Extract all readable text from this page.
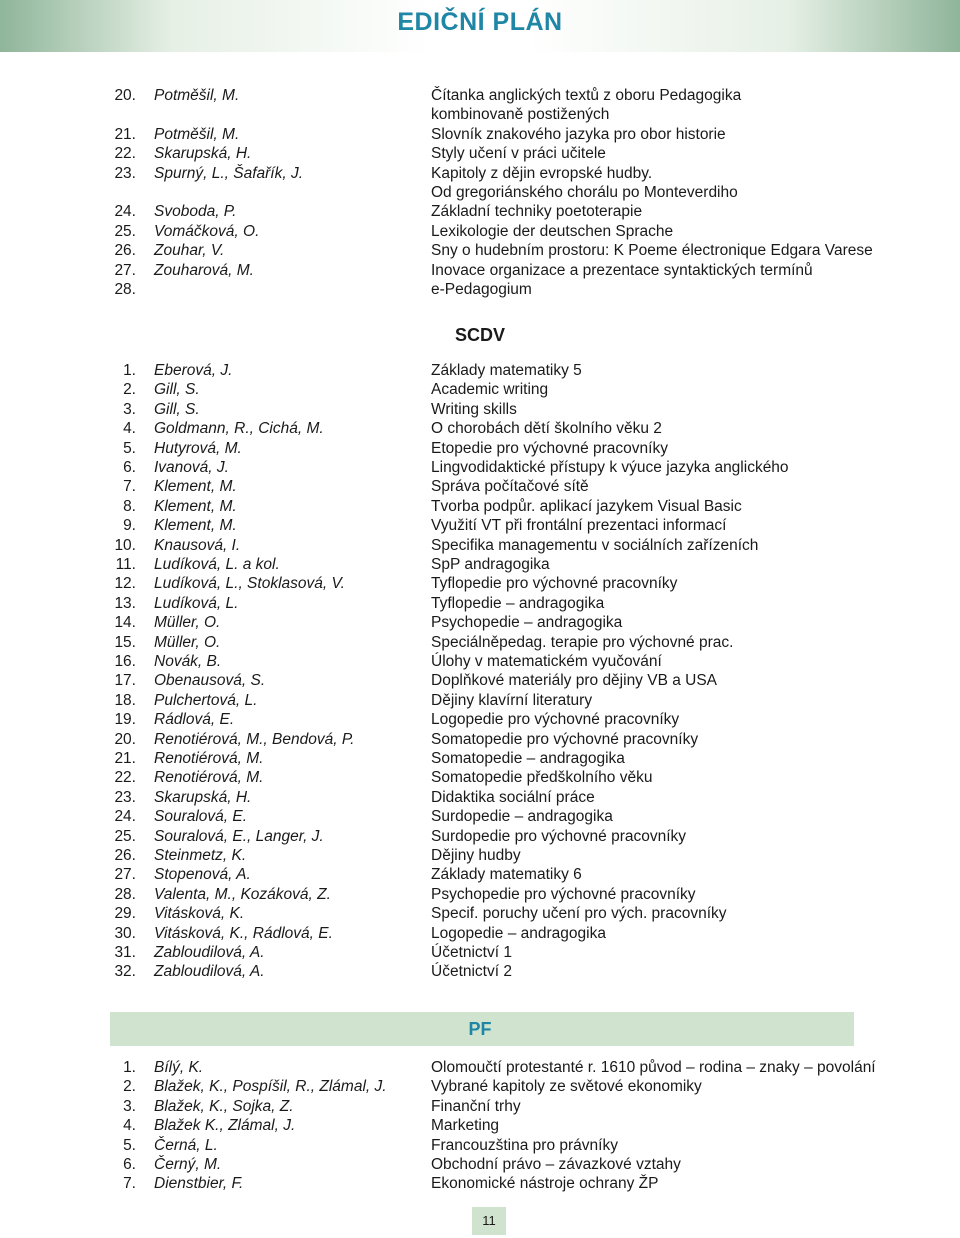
EDIČNÍ PLÁN
20. Potměšil, M.	Čítanka anglických textů z oboru Pedagogika
kombinovaně postižených
21. Potměšil, M.	Slovník znakového jazyka pro obor historie
22. Skarupská, H.	Styly učení v práci učitele
23. Spurný, L., Šafařík, J.	Kapitoly z dějin evropské hudby.
Od gregoriánského chorálu po Monteverdiho
24. Svoboda, P.	Základní techniky poetoterapie
25. Vomáčková, O.	Lexikologie der deutschen Sprache
26. Zouhar, V.	Sny o hudebním prostoru: K Poeme électronique Edgara Varese
27. Zouharová, M.	Inovace organizace a prezentace syntaktických termínů
28.	e-Pedagogium
SCDV
1. Eberová, J.	Základy matematiky 5
2. Gill, S.	Academic writing
3. Gill, S.	Writing skills
4. Goldmann, R., Cichá, M.	O chorobách dětí školního věku 2
5. Hutyrová, M.	Etopedie pro výchovné pracovníky
6. Ivanová, J.	Lingvodidaktické přístupy k výuce jazyka anglického
7. Klement, M.	Správa počítačové sítě
8. Klement, M.	Tvorba podpůr. aplikací jazykem Visual Basic
9. Klement, M.	Využití VT při frontální prezentaci informací
10. Knausová, I.	Specifika managementu v sociálních zařízeních
11. Ludíková, L. a kol.	SpP andragogika
12. Ludíková, L., Stoklasová, V.	Tyflopedie pro výchovné pracovníky
13. Ludíková, L.	Tyflopedie – andragogika
14. Müller, O.	Psychopedie – andragogika
15. Müller, O.	Speciálněpedag. terapie pro výchovné prac.
16. Novák, B.	Úlohy v matematickém vyučování
17. Obenausová, S.	Doplňkové materiály pro dějiny VB a USA
18. Pulchertová, L.	Dějiny klavírní literatury
19. Rádlová, E.	Logopedie pro výchovné pracovníky
20. Renotiérová, M., Bendová, P.	Somatopedie pro výchovné pracovníky
21. Renotiérová, M.	Somatopedie – andragogika
22. Renotiérová, M.	Somatopedie předškolního věku
23. Skarupská, H.	Didaktika sociální práce
24. Souralová, E.	Surdopedie – andragogika
25. Souralová, E., Langer, J.	Surdopedie pro výchovné pracovníky
26. Steinmetz, K.	Dějiny hudby
27. Stopenová, A.	Základy matematiky 6
28. Valenta, M., Kozáková, Z.	Psychopedie pro výchovné pracovníky
29. Vitásková, K.	Specif. poruchy učení pro vých. pracovníky
30. Vitásková, K., Rádlová, E.	Logopedie – andragogika
31. Zabloudilová, A.	Účetnictví 1
32. Zabloudilová, A.	Účetnictví 2
PF
1. Bílý, K.	Olomoučtí protestanté r. 1610 původ – rodina – znaky – povolání
2. Blažek, K., Pospíšil, R., Zlámal, J.	Vybrané kapitoly ze světové ekonomiky
3. Blažek, K., Sojka, Z.	Finanční trhy
4. Blažek K., Zlámal, J.	Marketing
5. Černá, L.	Francouzština pro právníky
6. Černý, M.	Obchodní právo – závazkové vztahy
7. Dienstbier, F.	Ekonomické nástroje ochrany ŽP
11
